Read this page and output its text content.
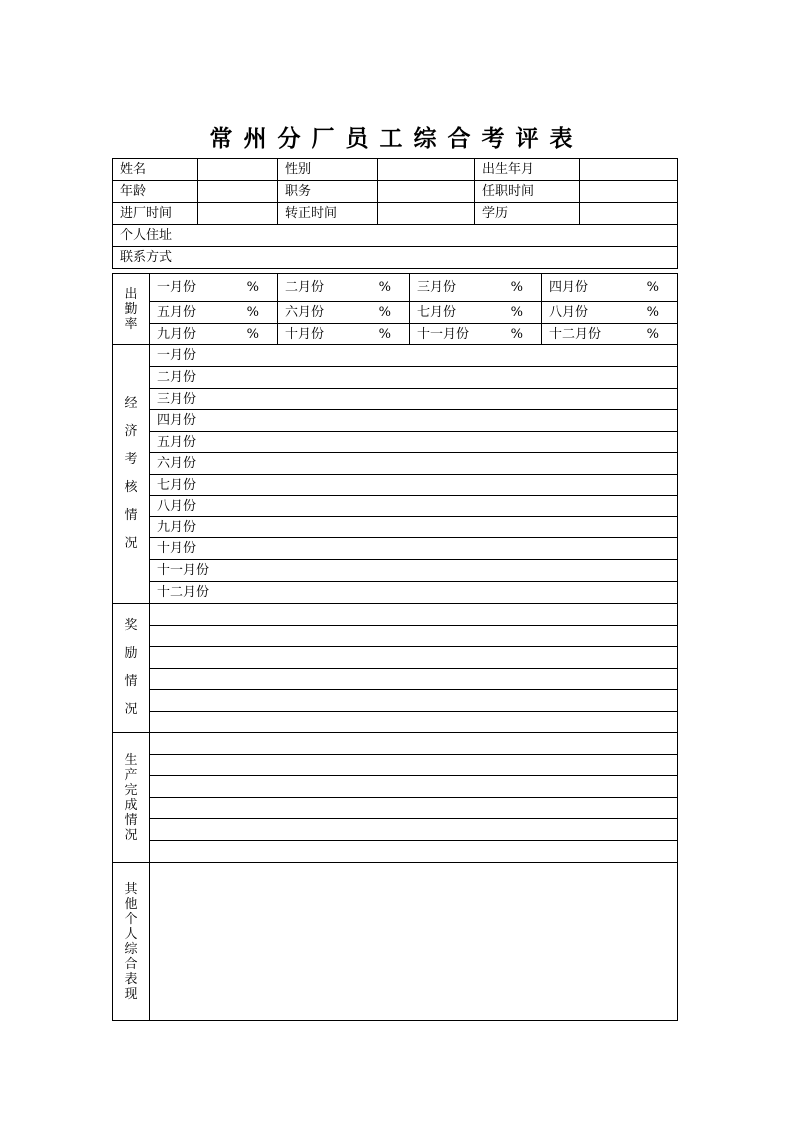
常州分厂员工综合考评表
姓名		性别		出生年月	
年龄		职务		任职时间	
进厂时间		转正时间		学历	
个人住址					
联系方式					
出勤率	一月份 %	二月份 %	三月份 %	四月份 %

	五月份 %	六月份 %	七月份 %	八月份 %

	九月份 %	十月份 %	十一月份 %	十二月份 %

经济考核情况	一月份			
	二月份			
	三月份			
	四月份			
	五月份			
	六月份			
	七月份			
	八月份			
	九月份			
	十月份			
	十一月份			
	十二月份			
奖励情况				

生产完成情况				

其他个人综合表现				
